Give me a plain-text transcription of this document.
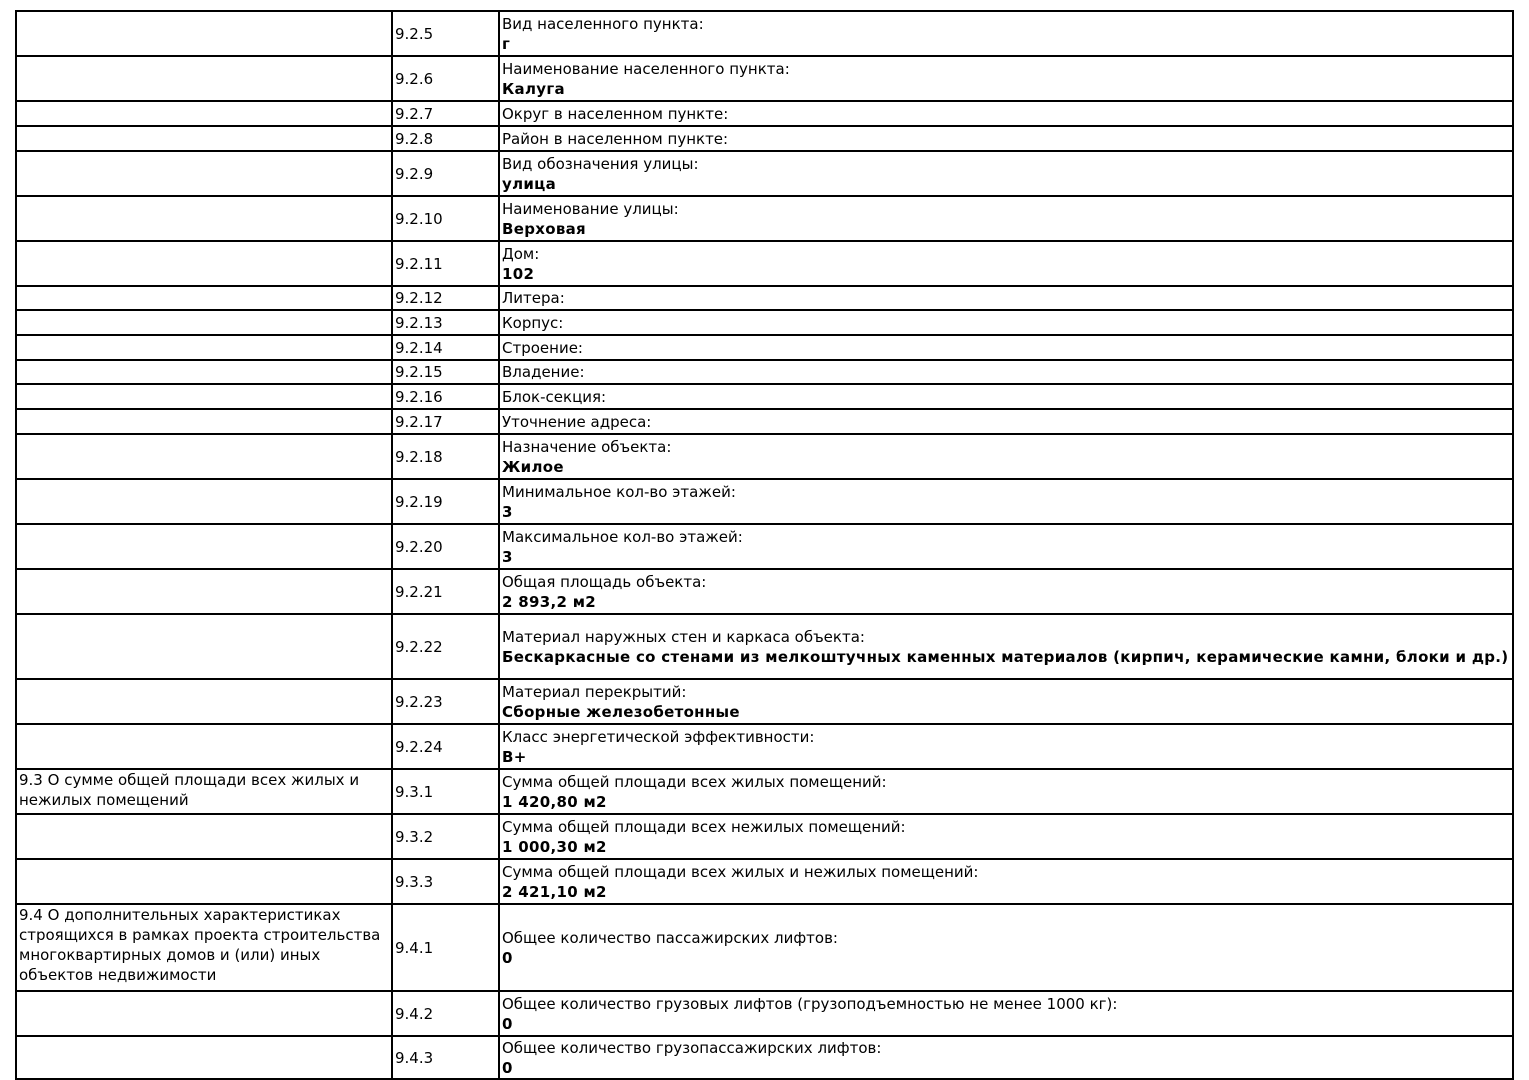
	9.2.5	Вид населенного пункта:
г

	9.2.6	Наименование населенного пункта:
Калуга

	9.2.7	Округ в населенном пункте:

	9.2.8	Район в населенном пункте:

	9.2.9	Вид обозначения улицы:
улица

	9.2.10	Наименование улицы:
Верховая

	9.2.11	Дом:
102

	9.2.12	Литера:

	9.2.13	Корпус:

	9.2.14	Строение:

	9.2.15	Владение:

	9.2.16	Блок-секция:

	9.2.17	Уточнение адреса:

	9.2.18	Назначение объекта:
Жилое

	9.2.19	Минимальное кол-во этажей:
3

	9.2.20	Максимальное кол-во этажей:
3

	9.2.21	Общая площадь объекта:
2 893,2 м2

	9.2.22	Материал наружных стен и каркаса объекта:
Бескаркасные со стенами из мелкоштучных каменных материалов (кирпич, керамические камни, блоки и др.)

	9.2.23	Материал перекрытий:
Сборные железобетонные

	9.2.24	Класс энергетической эффективности:
В+

9.3 О сумме общей площади всех жилых и нежилых помещений	9.3.1	Сумма общей площади всех жилых помещений:
1 420,80 м2

	9.3.2	Сумма общей площади всех нежилых помещений:
1 000,30 м2

	9.3.3	Сумма общей площади всех жилых и нежилых помещений:
2 421,10 м2

9.4 О дополнительных характеристиках строящихся в рамках проекта строительства многоквартирных домов и (или) иных объектов недвижимости	9.4.1	Общее количество пассажирских лифтов:
0

	9.4.2	Общее количество грузовых лифтов (грузоподъемностью не менее 1000 кг):
0

	9.4.3	Общее количество грузопассажирских лифтов:
0
